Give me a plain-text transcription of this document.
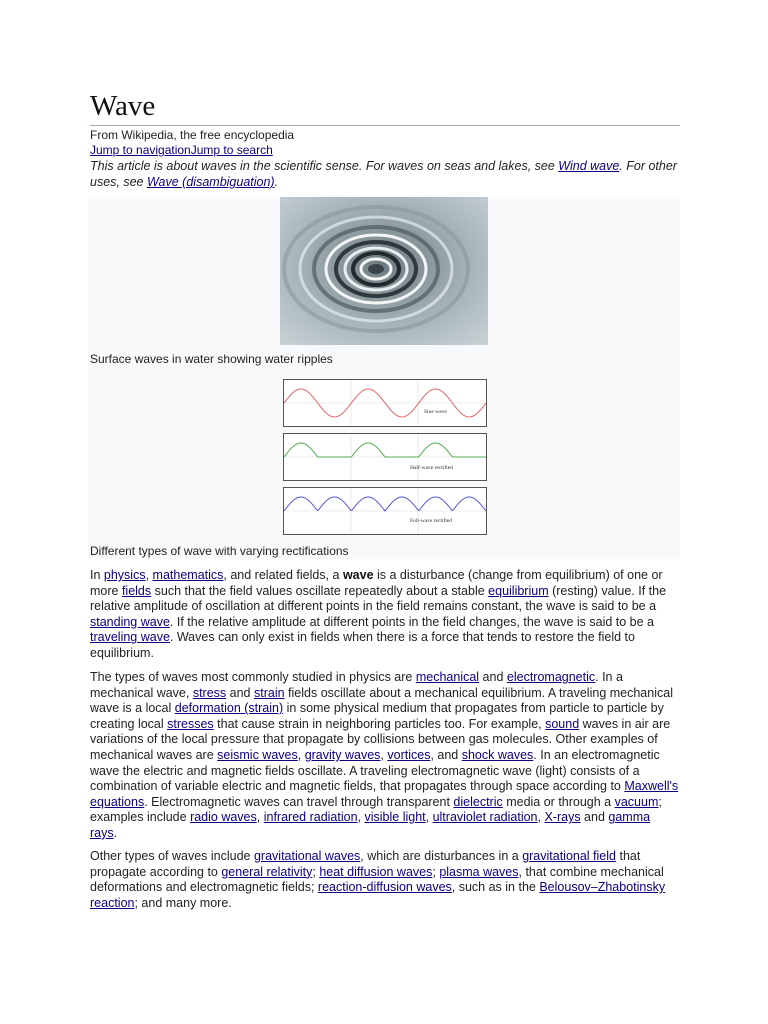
Wave
From Wikipedia, the free encyclopedia
Jump to navigationJump to search
This article is about waves in the scientific sense. For waves on seas and lakes, see Wind wave. For other uses, see Wave (disambiguation).
Surface waves in water showing water ripples
Sine wave
Half-wave rectified
Full-wave rectified
Different types of wave with varying rectifications
In physics, mathematics, and related fields, a wave is a disturbance (change from equilibrium) of one or more fields such that the field values oscillate repeatedly about a stable equilibrium (resting) value. If the relative amplitude of oscillation at different points in the field remains constant, the wave is said to be a standing wave. If the relative amplitude at different points in the field changes, the wave is said to be a traveling wave. Waves can only exist in fields when there is a force that tends to restore the field to equilibrium.
The types of waves most commonly studied in physics are mechanical and electromagnetic. In a mechanical wave, stress and strain fields oscillate about a mechanical equilibrium. A traveling mechanical wave is a local deformation (strain) in some physical medium that propagates from particle to particle by creating local stresses that cause strain in neighboring particles too. For example, sound waves in air are variations of the local pressure that propagate by collisions between gas molecules. Other examples of mechanical waves are seismic waves, gravity waves, vortices, and shock waves. In an electromagnetic wave the electric and magnetic fields oscillate. A traveling electromagnetic wave (light) consists of a combination of variable electric and magnetic fields, that propagates through space according to Maxwell's equations. Electromagnetic waves can travel through transparent dielectric media or through a vacuum; examples include radio waves, infrared radiation, visible light, ultraviolet radiation, X-rays and gamma rays.
Other types of waves include gravitational waves, which are disturbances in a gravitational field that propagate according to general relativity; heat diffusion waves; plasma waves, that combine mechanical deformations and electromagnetic fields; reaction-diffusion waves, such as in the Belousov–Zhabotinsky reaction; and many more.
